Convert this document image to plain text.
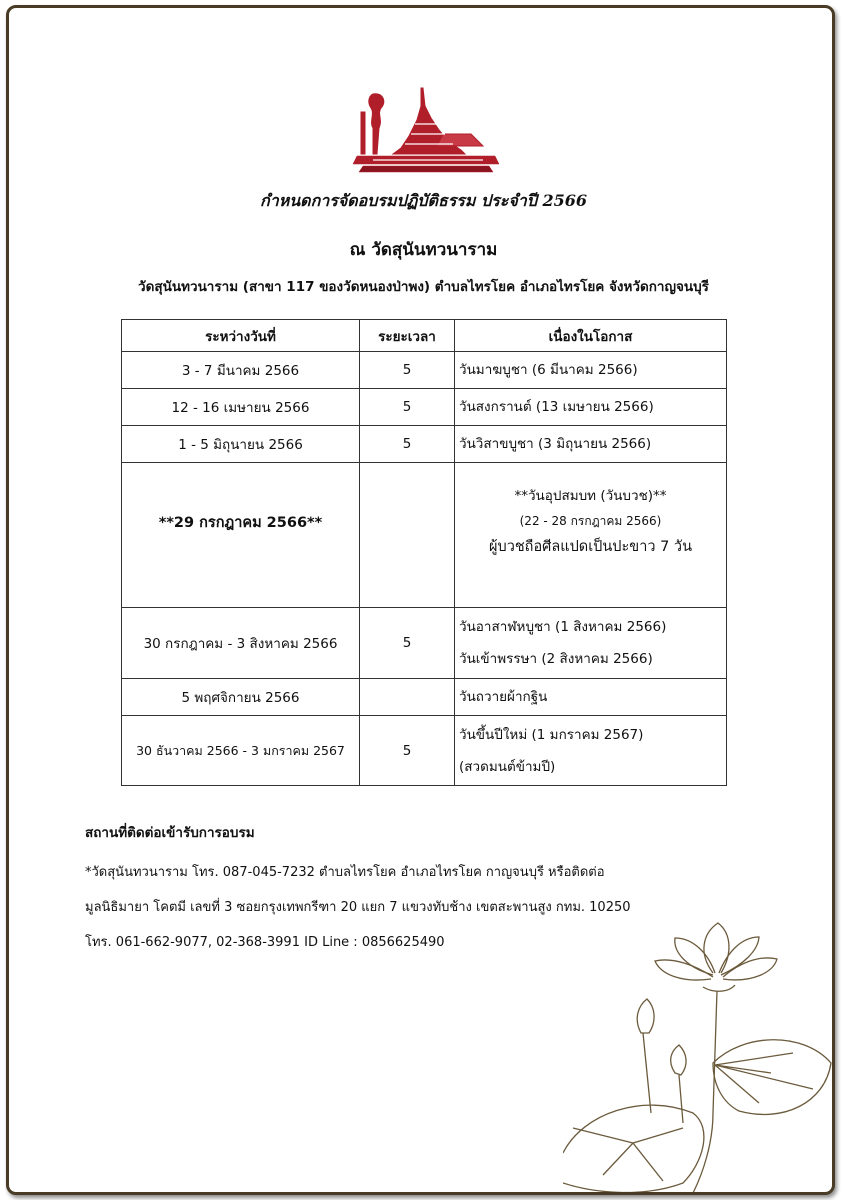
กำหนดการจัดอบรมปฏิบัติธรรม ประจำปี 2566
ณ วัดสุนันทวนาราม
วัดสุนันทวนาราม (สาขา 117 ของวัดหนองป่าพง) ตำบลไทรโยค อำเภอไทรโยค จังหวัดกาญจนบุรี
ระหว่างวันที่	ระยะเวลา	เนื่องในโอกาส
3 - 7 มีนาคม 2566	5	วันมาฆบูชา (6 มีนาคม 2566)
12 - 16 เมษายน 2566	5	วันสงกรานต์ (13 เมษายน 2566)
1 - 5 มิถุนายน 2566	5	วันวิสาขบูชา (3 มิถุนายน 2566)
**29 กรกฎาคม 2566**		**วันอุปสมบท (วันบวช)**
(22 - 28 กรกฎาคม 2566)
ผู้บวชถือศีลแปดเป็นปะขาว 7 วัน

30 กรกฎาคม - 3 สิงหาคม 2566	5	วันอาสาฬหบูชา (1 สิงหาคม 2566)
วันเข้าพรรษา (2 สิงหาคม 2566)

5 พฤศจิกายน 2566		วันถวายผ้ากฐิน
30 ธันวาคม 2566 - 3 มกราคม 2567	5	วันขึ้นปีใหม่ (1 มกราคม 2567)
(สวดมนต์ข้ามปี)
สถานที่ติดต่อเข้ารับการอบรม
*วัดสุนันทวนาราม โทร. 087-045-7232 ตำบลไทรโยค อำเภอไทรโยค กาญจนบุรี หรือติดต่อ
มูลนิธิมายา โคตมี เลขที่ 3 ซอยกรุงเทพกรีฑา 20 แยก 7 แขวงทับช้าง เขตสะพานสูง กทม. 10250
โทร. 061-662-9077, 02-368-3991 ID Line : 0856625490
